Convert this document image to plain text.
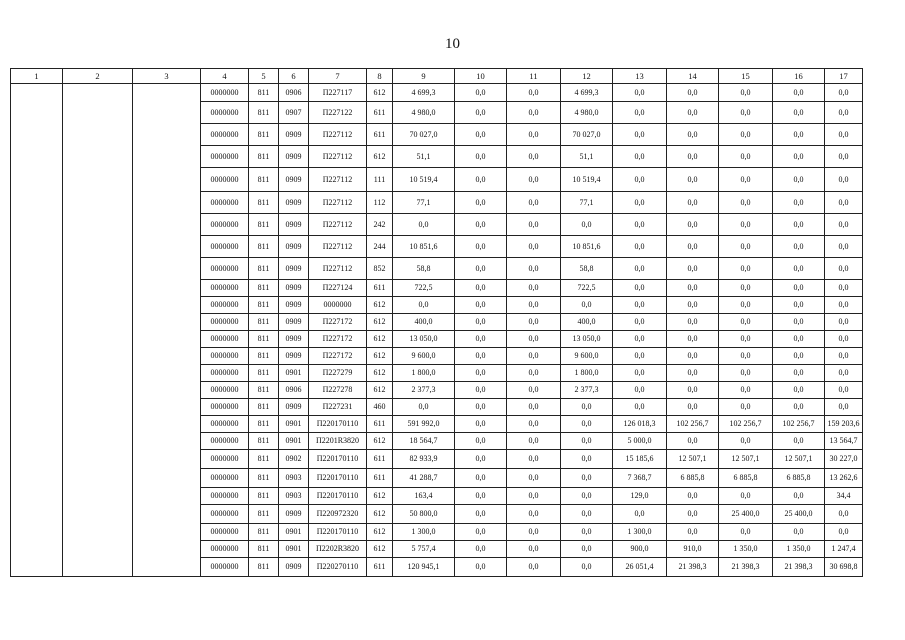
10
1	2	3	4	5	6	7	8	9	10	11	12	13	14	15	16	17
			0000000	811	0906	П227117	612	4 699,3	0,0	0,0	4 699,3	0,0	0,0	0,0	0,0	0,0
			0000000	811	0907	П227122	611	4 980,0	0,0	0,0	4 980,0	0,0	0,0	0,0	0,0	0,0
			0000000	811	0909	П227112	611	70 027,0	0,0	0,0	70 027,0	0,0	0,0	0,0	0,0	0,0
			0000000	811	0909	П227112	612	51,1	0,0	0,0	51,1	0,0	0,0	0,0	0,0	0,0
			0000000	811	0909	П227112	111	10 519,4	0,0	0,0	10 519,4	0,0	0,0	0,0	0,0	0,0
			0000000	811	0909	П227112	112	77,1	0,0	0,0	77,1	0,0	0,0	0,0	0,0	0,0
			0000000	811	0909	П227112	242	0,0	0,0	0,0	0,0	0,0	0,0	0,0	0,0	0,0
			0000000	811	0909	П227112	244	10 851,6	0,0	0,0	10 851,6	0,0	0,0	0,0	0,0	0,0
			0000000	811	0909	П227112	852	58,8	0,0	0,0	58,8	0,0	0,0	0,0	0,0	0,0
			0000000	811	0909	П227124	611	722,5	0,0	0,0	722,5	0,0	0,0	0,0	0,0	0,0
			0000000	811	0909	0000000	612	0,0	0,0	0,0	0,0	0,0	0,0	0,0	0,0	0,0
			0000000	811	0909	П227172	612	400,0	0,0	0,0	400,0	0,0	0,0	0,0	0,0	0,0
			0000000	811	0909	П227172	612	13 050,0	0,0	0,0	13 050,0	0,0	0,0	0,0	0,0	0,0
			0000000	811	0909	П227172	612	9 600,0	0,0	0,0	9 600,0	0,0	0,0	0,0	0,0	0,0
			0000000	811	0901	П227279	612	1 800,0	0,0	0,0	1 800,0	0,0	0,0	0,0	0,0	0,0
			0000000	811	0906	П227278	612	2 377,3	0,0	0,0	2 377,3	0,0	0,0	0,0	0,0	0,0
			0000000	811	0909	П227231	460	0,0	0,0	0,0	0,0	0,0	0,0	0,0	0,0	0,0
			0000000	811	0901	П220170110	611	591 992,0	0,0	0,0	0,0	126 018,3	102 256,7	102 256,7	102 256,7	159 203,6
			0000000	811	0901	П2201R3820	612	18 564,7	0,0	0,0	0,0	5 000,0	0,0	0,0	0,0	13 564,7
			0000000	811	0902	П220170110	611	82 933,9	0,0	0,0	0,0	15 185,6	12 507,1	12 507,1	12 507,1	30 227,0
			0000000	811	0903	П220170110	611	41 288,7	0,0	0,0	0,0	7 368,7	6 885,8	6 885,8	6 885,8	13 262,6
			0000000	811	0903	П220170110	612	163,4	0,0	0,0	0,0	129,0	0,0	0,0	0,0	34,4
			0000000	811	0909	П220972320	612	50 800,0	0,0	0,0	0,0	0,0	0,0	25 400,0	25 400,0	0,0
			0000000	811	0901	П220170110	612	1 300,0	0,0	0,0	0,0	1 300,0	0,0	0,0	0,0	0,0
			0000000	811	0901	П2202R3820	612	5 757,4	0,0	0,0	0,0	900,0	910,0	1 350,0	1 350,0	1 247,4
			0000000	811	0909	П220270110	611	120 945,1	0,0	0,0	0,0	26 051,4	21 398,3	21 398,3	21 398,3	30 698,8
